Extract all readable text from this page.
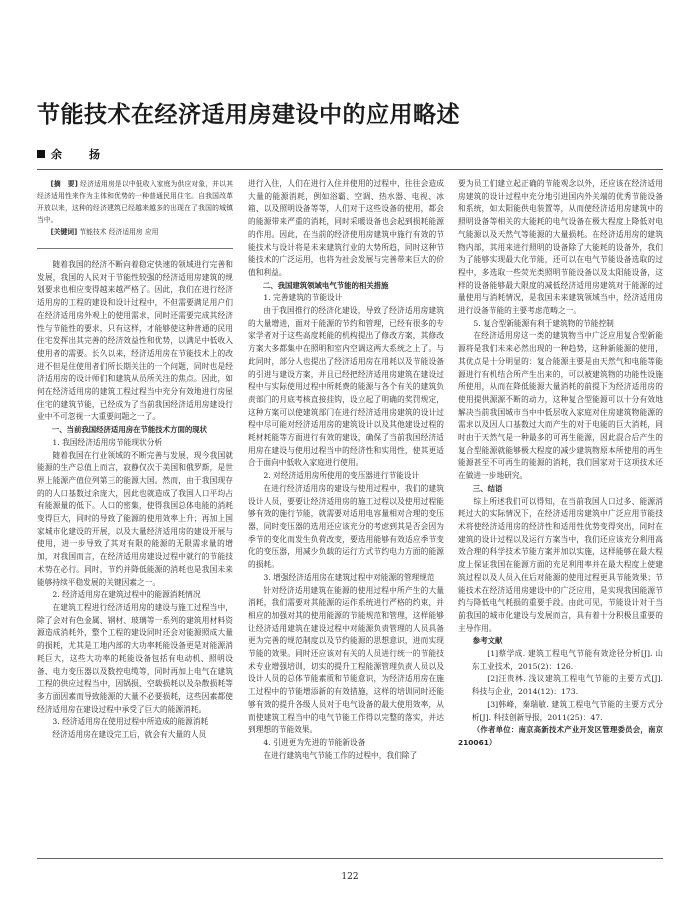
节能技术在经济适用房建设中的应用略述
余　扬

[摘　要] 经济适用房是以中低收入家庭为供应对象，并以其经济适用性来作为主体和优势的一种普通民用住宅。自我国改革开放以来，这种的经济建筑已经越来越多的出现在了我国的城镇当中。

[关键词] 节能技术 经济适用房 应用

随着我国的经济不断向着稳定快速的领域进行完善和发展，我国的人民对于节能性较强的经济适用房建筑的规划要求也相应变得越来越严格了。因此，我们在进行经济适用房的工程的建设和设计过程中，不但需要满足用户们在经济适用房外观上的使用需求，同时还需要完成其经济性与节能性的要求，只有这样，才能够使这种普通的民用住宅发挥出其完善的经济效益性和优势，以满足中低收入使用者的需要。长久以来，经济适用房在节能技术上的改进不但是住使用者们所长期关注的一个问题，同时也是经济适用房的设计师们和建筑从员所关注的焦点。因此，如何在经济适用房的建筑工程过程当中充分有效地进行房屋住宅的建筑节能，已经成为了当前我国经济适用房建设行业中不可忽视一大重要问题之一了。

一、当前我国经济适用房在节能技术方面的现状

1. 我国经济适用房节能现状分析

随着我国在行业领域的不断完善与发展，现今我国就能源的生产总值上而言，寂静仅次于美国和俄罗斯，是世界上能源产值位列第三的能源大国。然而，由于我国现存的的人口基数过余庞大，因此也就造成了我国人口平均占有能源量的低下。人口的密集，使得我国总体电能的消耗变得巨大，同时的导致了能源的使用效率上升；再加上国家城市化建设的开展，以及大量经济适用房的建设开展与使用，进一步导致了其对有限的能源的无限需求量的增加，对我国而言，在经济适用房建设过程中就行的节能技术势在必行。同时，节约并降低能源的消耗也是我国未来能够持续平稳发展的关键因素之一。

2. 经济适用房在建筑过程中的能源消耗情况

在建筑工程进行经济适用房的建设与施工过程当中，除了会对有色金属、钢材、玻璃等一系列的建筑用材料资源造成消耗外，整个工程的建设同时还会对能源照成大量的损耗，尤其是工地内部的大功率耗能设备更是对能源消耗巨大，这些大功率的耗能设备包括有电动机、照明设备、电力变压器以及数控电缆等，同时再加上电气在建筑工程的供应过程当中，因锅损、空载损耗以及杂散损耗等多方面因素而导致能源的大量不必要损耗，这些因素都使经济适用房在建设过程中承受了巨大的能源消耗。

3. 经济适用房在使用过程中所造成的能源消耗

经济适用房在建设完工后，就会有大量的人员

进行入住，人们在进行入住并使用的过程中，往往会造成大量的能源消耗，例如浴霸、空调、热水器、电视、冰箱、以及照明设备等等，人们对于这些设备的使用，都会的能源带来严重的消耗，同时采暖设备也会起到损耗能源的作用。因此，在当前的经济使用房建筑中施行有效的节能技术与设计将是未来建筑行业的大势所趋，同时这种节能技术的广泛运用，也将为社会发展与完善带来巨大的价值和利益。

二、我国建筑领域电气节能的相关措施

1. 完善建筑的节能设计

由于我国推行的经济化建设，导致了经济适用房建筑的大量增进，面对于能源的节约和管理，已经有很多的专家学者对于这些高度耗能的机构提出了修改方案，其修改方案大多都集中在照明和室内空调这两大系统之上了。与此同时，部分人也提出了经济适用房在用耗以及节能设备的引进与建设方案，并且已经把经济适用房建筑在建设过程中与实际使用过程中所耗费的能源与各个有关的建筑负责部门的月底考核直接挂钩，设立起了明确的奖罚规定，这种方案可以使建筑部门在进行经济适用房建筑的设计过程中尽可能对经济适用房的建筑设计以及其他建设过程的耗材耗能等方面进行有效的建设，确保了当前我国经济适用房在建设与使用过程当中的经济性和实用性，使其更适合于面向中低收入家庭进行使用。

2. 对经济适用房所使用的变压器进行节能设计

在进行经济适用房的建设与使用过程中，我们的建筑设计人员，要要让经济适用房的施工过程以及使用过程能够有效的施行节能，就需要对适用电容量相对合理的变压器，同时变压器的选用还应该充分的考虑到其是否会因为季节的变化而发生负荷改变，要选用能够有效适应季节变化的变压器，用减少负载的运行方式节约电力方面的能源的损耗。

3. 增强经济适用房在建筑过程中对能源的管理规范

针对经济适用建筑在能源的使用过程中所产生的大量消耗，我们需要对其能源的运作系统进行严格的约束，并相应的加强对其的使用能源的节能规范和管理，这样能够让经济适用建筑在建设过程中对能源负责管理的人员具备更为完善的规范制度以及节约能源的思想意识，进而实现节能的效果。同时还应该对有关的人员进行统一的节能技术专业增强培训，切实的提升工程能源管理负责人员以及设计人员的总体节能素质和节能意识，为经济适用房在施工过程中的节能增添新的有效措施，这样的培训同时还能够有效的提升各级人员对于电气设备的最大使用效率，从而使建筑工程当中的电气节能工作得以完整的落实，并达到理想的节能效果。

4. 引进更为先进的节能新设备

在进行建筑电气节能工作的过程中，我们除了

要为员工们建立起正确的节能观念以外，还应该在经济适用房建筑的设计过程中充分地引进国内外关端的优秀节能设备和系统，如太阳能供电装置等，从而使经济适用房建筑中的照明设备等相关的大能耗的电气设备在极大程度上降低对电气能源以及天然气等能源的大量损耗。在经济适用房的建筑物内部，其用来进行照明的设备除了大能耗的设备外，我们为了能够实现最大化节能，还可以在电气节能设备选取的过程中，多选取一些荧光类照明节能设备以及太阳能设备，这样的设备能够最大限度的减低经济适用房建筑对于能源的过量使用与消耗情况，是我国未来建筑领域当中，经济适用房进行设备节能的主要考虑范畴之一。

5. 复合型新能源有利于建筑物的节能控制

在经济适用房这一类的建筑物当中广泛应用复合型新能源将是我们未来必然出现的一种趋势，这种新能源的使用，其优点是十分明显的：复合能源主要是由天然气和电能等能源进行有机结合所产生出来的，可以被建筑物的功能性设施所使用，从而在降低能源大量消耗的前提下为经济适用房的使用提供源源不断的动力，这种复合型能源可以十分有效地解决当前我国城市当中中低层收入家庭对住房建筑物能源的需求以及因人口基数过大而产生的对于电能的巨大消耗，同时由于天然气是一种最多的可再生能源，因此混合后产生的复合型能源就能够极大程度的减少建筑物原本所使用的再生能源甚至不可再生的能源的消耗，我们国家对于这项技术还在做进一步地研究。

三、结语

综上所述我们可以得知，在当前我国人口过多、能源消耗过大的实际情况下，在经济适用房建筑中广泛应用节能技术将使经济适用房的经济性和适用性优势变得突出，同时在建筑的设计过程以及运行方案当中，我们还应该充分利用高效合理的科学技术节能方案并加以实施，这样能够在最大程度上保证我国在能源方面的充足利用率并在最大程度上使建筑过程以及人员入住后对能源的使用过程更具节能效果；节能技术在经济适用房建设中的广泛应用，是实现我国能源节约与降低电气耗损的重要手段。由此可见，节能设计对于当前我国的城市化建设与发展而言，具有着十分积极且重要的主导作用。

参考文献

[1]蔡学成. 建筑工程电气节能有效途径分析[J]. 山东工业技术，2015(2)：126.

[2]汪贵林. 浅议建筑工程电气节能的主要方式[J]. 科技与企业，2014(12)：173.

[3]韩峰，秦瑞敏. 建筑工程电气节能的主要方式分析[J]. 科技创新导报，2011(25)：47.

（作者单位：南京高新技术产业开发区管理委员会，南京 210061）

122
